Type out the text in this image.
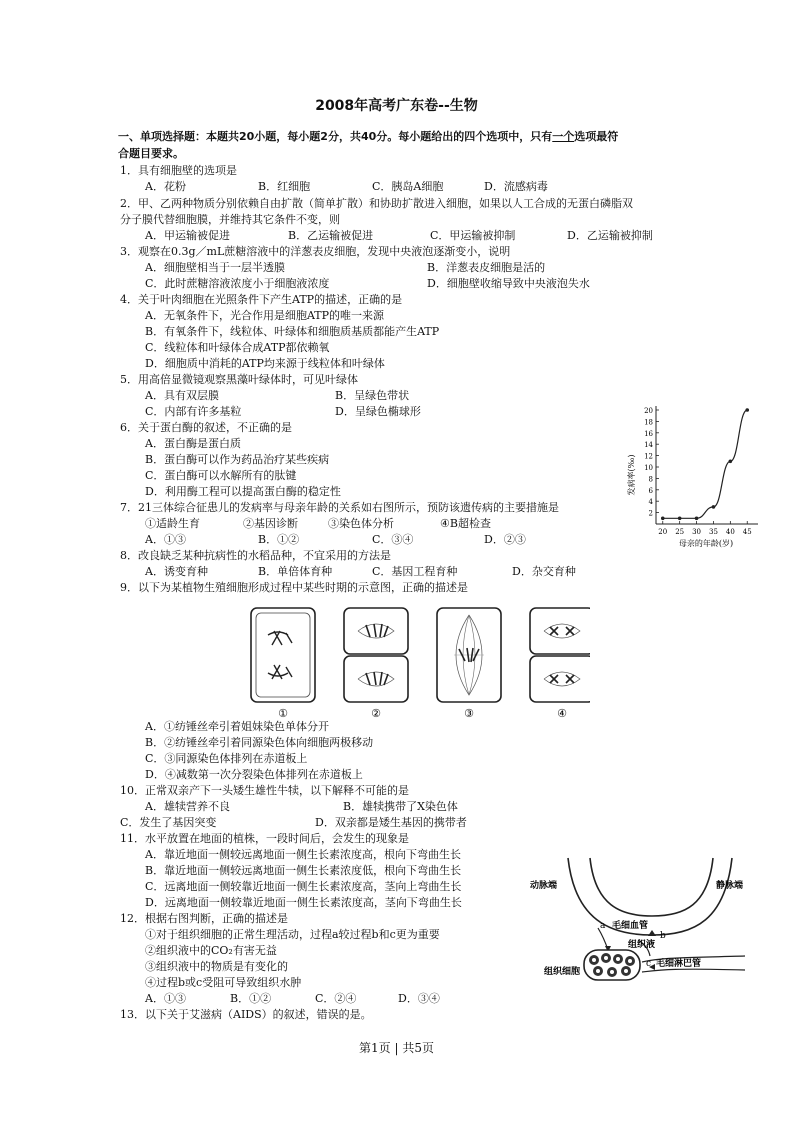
2008年高考广东卷--生物
一、单项选择题：本题共20小题，每小题2分，共40分。每小题给出的四个选项中，只有一个选项最符
合题目要求。
1．具有细胞壁的选项是
A．花粉	B．红细胞	C．胰岛A细胞	D．流感病毒
2．甲、乙两种物质分别依赖自由扩散（简单扩散）和协助扩散进入细胞，如果以人工合成的无蛋白磷脂双
分子膜代替细胞膜，并维持其它条件不变，则
A．甲运输被促进	B．乙运输被促进	C．甲运输被抑制	D．乙运输被抑制
3．观察在0.3g／mL蔗糖溶液中的洋葱表皮细胞，发现中央液泡逐渐变小，说明
A．细胞壁相当于一层半透膜	B．洋葱表皮细胞是活的
C．此时蔗糖溶液浓度小于细胞液浓度	D．细胞壁收缩导致中央液泡失水
4．关于叶肉细胞在光照条件下产生ATP的描述，正确的是
A．无氧条件下，光合作用是细胞ATP的唯一来源
B．有氧条件下，线粒体、叶绿体和细胞质基质都能产生ATP
C．线粒体和叶绿体合成ATP都依赖氧
D．细胞质中消耗的ATP均来源于线粒体和叶绿体
5．用高倍显微镜观察黑藻叶绿体时，可见叶绿体
A．具有双层膜	B．呈绿色带状
C．内部有许多基粒	D．呈绿色椭球形
6．关于蛋白酶的叙述，不正确的是
A．蛋白酶是蛋白质
B．蛋白酶可以作为药品治疗某些疾病
C．蛋白酶可以水解所有的肽键
D．利用酶工程可以提高蛋白酶的稳定性
7．21三体综合征患儿的发病率与母亲年龄的关系如右图所示，预防该遗传病的主要措施是
①适龄生育	②基因诊断	③染色体分析	④B超检查
A．①③	B．①②	C．③④	D．②③
8．改良缺乏某种抗病性的水稻品种，不宜采用的方法是
A．诱变育种	B．单倍体育种	C．基因工程育种	D．杂交育种
9．以下为某植物生殖细胞形成过程中某些时期的示意图，正确的描述是
①	②	③	④
A．①纺锤丝牵引着姐妹染色单体分开
B．②纺锤丝牵引着同源染色体向细胞两极移动
C．③同源染色体排列在赤道板上
D．④减数第一次分裂染色体排列在赤道板上
10．正常双亲产下一头矮生雄性牛犊，以下解释不可能的是
A．雄犊营养不良	B．雄犊携带了X染色体
C．发生了基因突变	D．双亲都是矮生基因的携带者
11．水平放置在地面的植株，一段时间后，会发生的现象是
A．靠近地面一侧较远离地面一侧生长素浓度高，根向下弯曲生长
B．靠近地面一侧较远离地面一侧生长素浓度低，根向下弯曲生长
C．远离地面一侧较靠近地面一侧生长素浓度高，茎向上弯曲生长
D．远离地面一侧较靠近地面一侧生长素浓度高，茎向下弯曲生长
12．根据右图判断，正确的描述是
①对于组织细胞的正常生理活动，过程a较过程b和c更为重要
②组织液中的CO₂有害无益
③组织液中的物质是有变化的
④过程b或c受阻可导致组织水肿
A．①③	B．①②	C．②④	D．③④
13．以下关于艾滋病（AIDS）的叙述，错误的是。
2
4
6
8
10
12
14
16
18
20
20 25 30 35 40 45
发病率(‰)
母亲的年龄(岁)
动脉端	静脉端
a 毛细血管
b
组织液
c 毛细淋巴管
组织细胞
第1页 | 共5页
